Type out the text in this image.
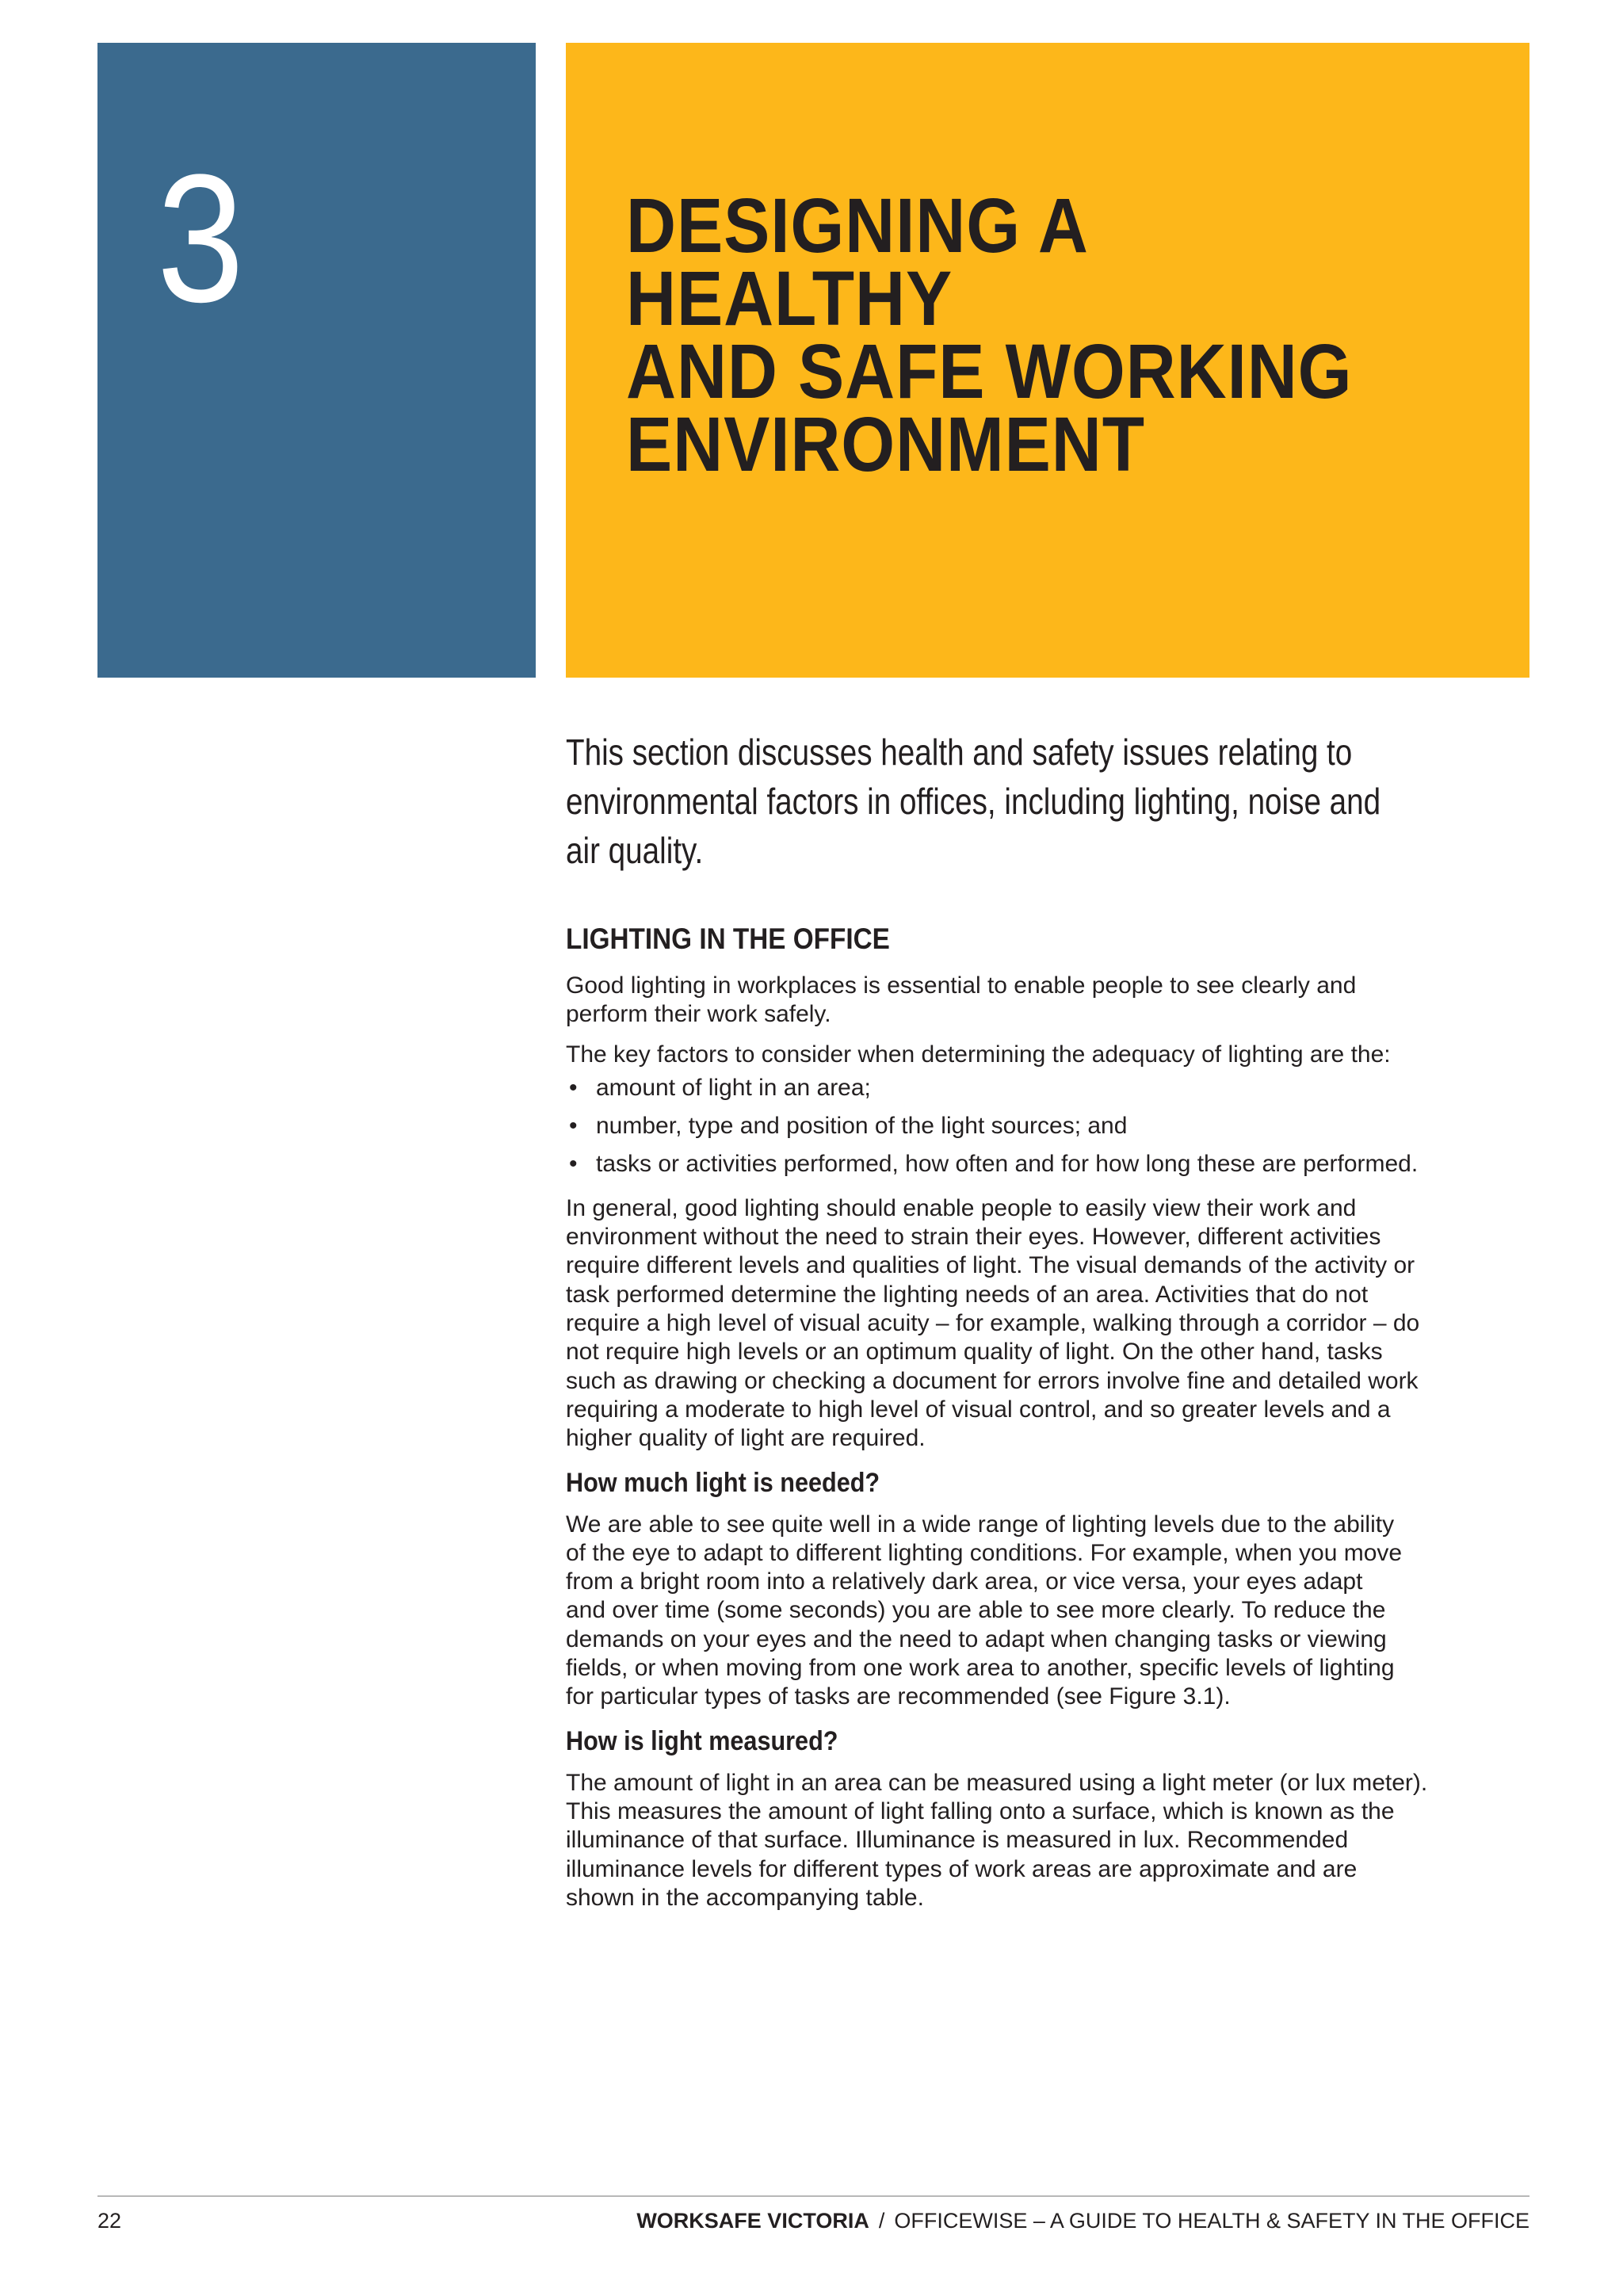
3	DESIGNING A HEALTHY
AND SAFE WORKING
ENVIRONMENT

This section discusses health and safety issues relating to
environmental factors in offices, including lighting, noise and
air quality.

LIGHTING IN THE OFFICE

Good lighting in workplaces is essential to enable people to see clearly and
perform their work safely.

The key factors to consider when determining the adequacy of lighting are the:

• amount of light in an area;
• number, type and position of the light sources; and
• tasks or activities performed, how often and for how long these are performed.

In general, good lighting should enable people to easily view their work and
environment without the need to strain their eyes. However, different activities
require different levels and qualities of light. The visual demands of the activity or
task performed determine the lighting needs of an area. Activities that do not
require a high level of visual acuity – for example, walking through a corridor – do
not require high levels or an optimum quality of light. On the other hand, tasks
such as drawing or checking a document for errors involve fine and detailed work
requiring a moderate to high level of visual control, and so greater levels and a
higher quality of light are required.

How much light is needed?

We are able to see quite well in a wide range of lighting levels due to the ability
of the eye to adapt to different lighting conditions. For example, when you move
from a bright room into a relatively dark area, or vice versa, your eyes adapt
and over time (some seconds) you are able to see more clearly. To reduce the
demands on your eyes and the need to adapt when changing tasks or viewing
fields, or when moving from one work area to another, specific levels of lighting
for particular types of tasks are recommended (see Figure 3.1).

How is light measured?

The amount of light in an area can be measured using a light meter (or lux meter).
This measures the amount of light falling onto a surface, which is known as the
illuminance of that surface. Illuminance is measured in lux. Recommended
illuminance levels for different types of work areas are approximate and are
shown in the accompanying table.

22	WORKSAFE VICTORIA / OFFICEWISE – A GUIDE TO HEALTH & SAFETY IN THE OFFICE
